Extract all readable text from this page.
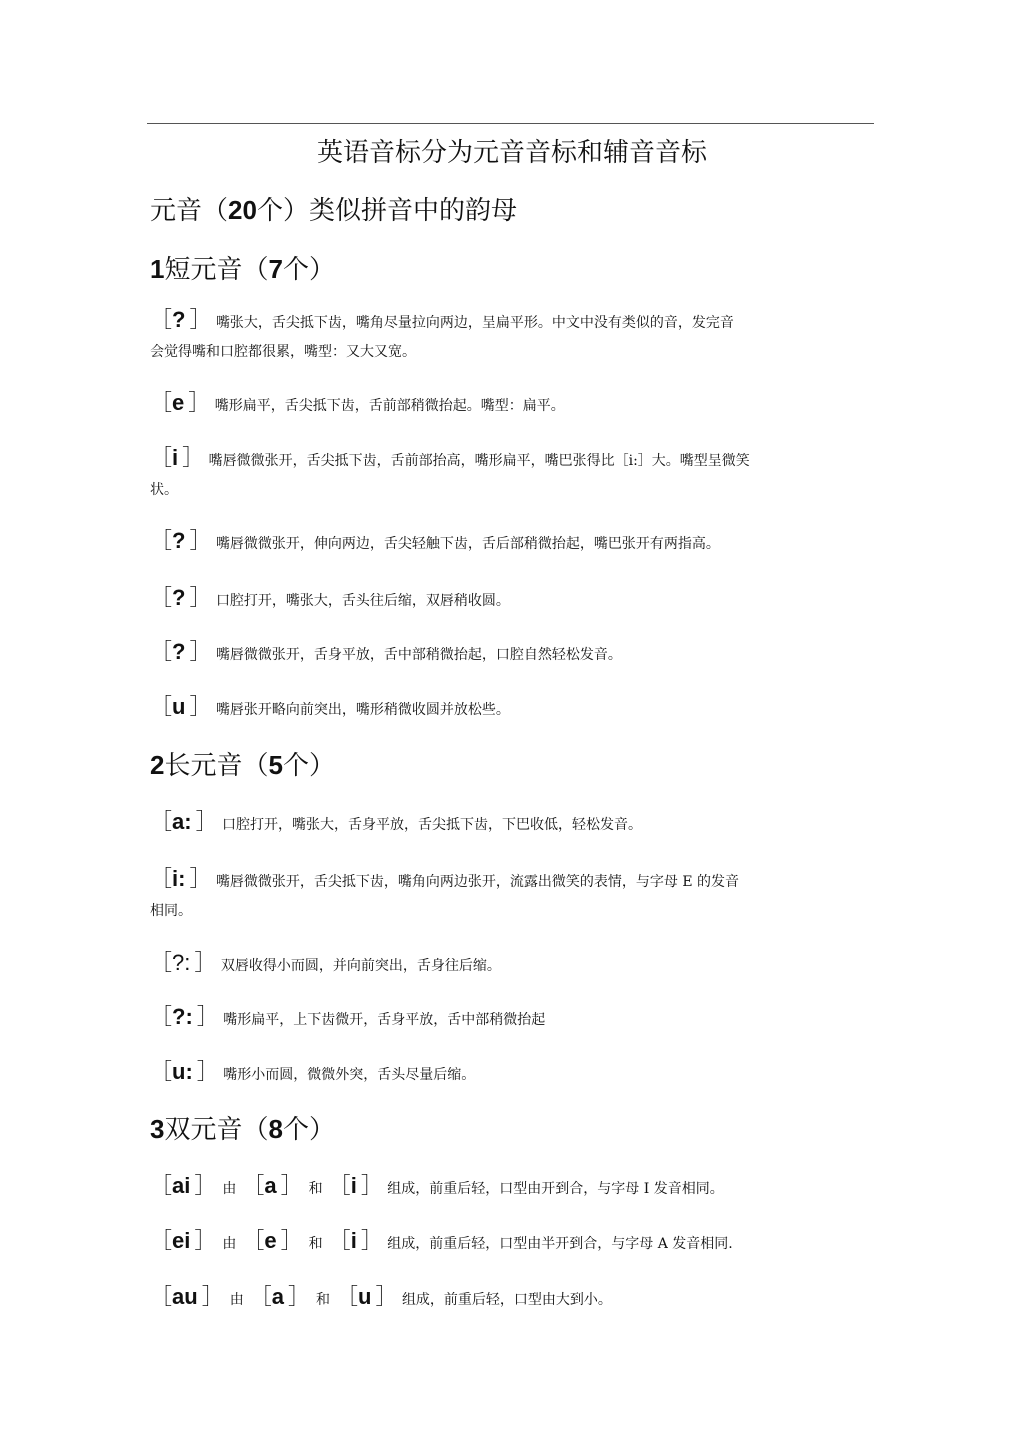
英语音标分为元音音标和辅音音标
元音（20个）类似拼音中的韵母
1短元音（7个）
［? ］ 嘴张大，舌尖抵下齿，嘴角尽量拉向两边，呈扁平形。中文中没有类似的音，发完音
会觉得嘴和口腔都很累，嘴型：又大又宽。
［e ］ 嘴形扁平，舌尖抵下齿，舌前部稍微抬起。嘴型：扁平。
［i ］ 嘴唇微微张开，舌尖抵下齿，舌前部抬高，嘴形扁平，嘴巴张得比［i:］大。嘴型呈微笑
状。
［? ］ 嘴唇微微张开，伸向两边，舌尖轻触下齿，舌后部稍微抬起，嘴巴张开有两指高。
［? ］ 口腔打开，嘴张大，舌头往后缩，双唇稍收圆。
［? ］ 嘴唇微微张开，舌身平放，舌中部稍微抬起，口腔自然轻松发音。
［u ］ 嘴唇张开略向前突出，嘴形稍微收圆并放松些。
2长元音（5个）
［a: ］ 口腔打开，嘴张大，舌身平放，舌尖抵下齿，下巴收低，轻松发音。
［i: ］ 嘴唇微微张开，舌尖抵下齿，嘴角向两边张开，流露出微笑的表情，与字母 E 的发音
相同。
［?: ］ 双唇收得小而圆，并向前突出，舌身往后缩。
［?: ］ 嘴形扁平，上下齿微开，舌身平放，舌中部稍微抬起
［u: ］ 嘴形小而圆，微微外突，舌头尽量后缩。
3双元音（8个）
［ai ］ 由 ［a ］ 和 ［i ］ 组成，前重后轻，口型由开到合，与字母 I 发音相同。
［ei ］ 由 ［e ］ 和 ［i ］ 组成，前重后轻，口型由半开到合，与字母 A 发音相同.
［au ］ 由 ［a ］ 和 ［u ］ 组成，前重后轻，口型由大到小。
